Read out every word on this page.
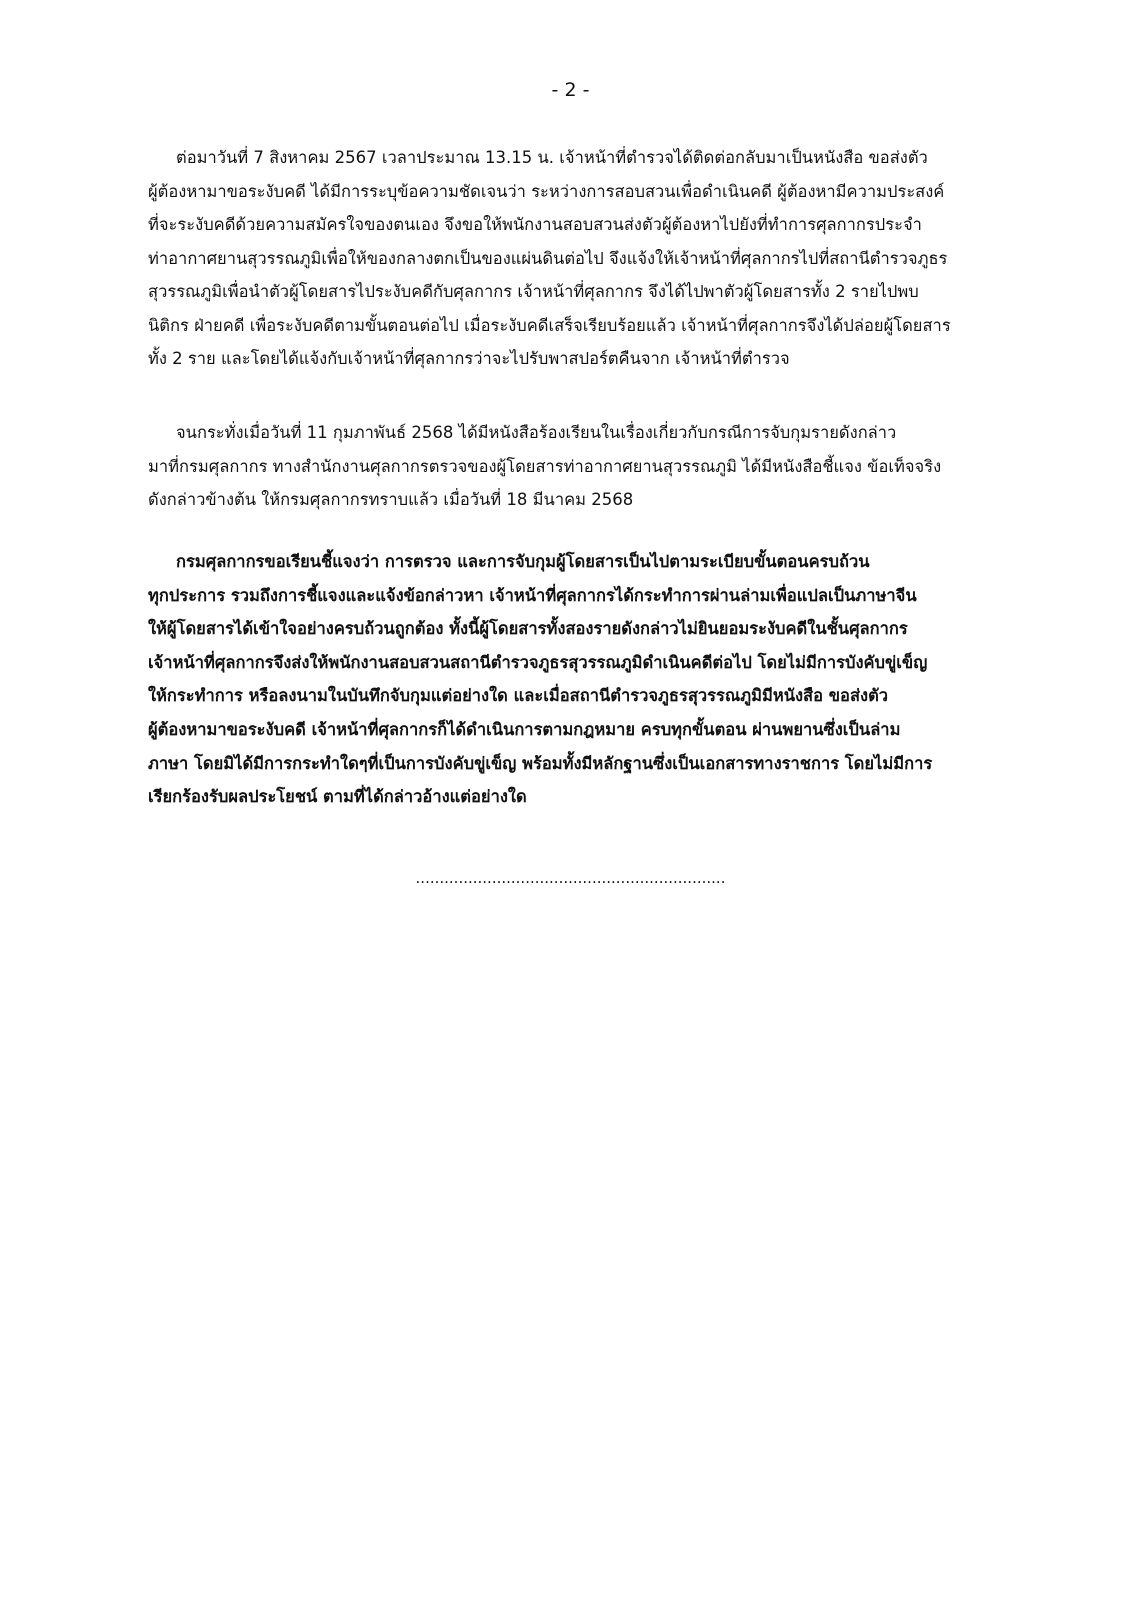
- 2 -
ต่อมาวันที่ 7 สิงหาคม 2567 เวลาประมาณ 13.15 น. เจ้าหน้าที่ตำรวจได้ติดต่อกลับมาเป็นหนังสือ ขอส่งตัว
ผู้ต้องหามาขอระงับคดี ได้มีการระบุข้อความชัดเจนว่า ระหว่างการสอบสวนเพื่อดำเนินคดี ผู้ต้องหามีความประสงค์
ที่จะระงับคดีด้วยความสมัครใจของตนเอง จึงขอให้พนักงานสอบสวนส่งตัวผู้ต้องหาไปยังที่ทำการศุลกากรประจำ
ท่าอากาศยานสุวรรณภูมิเพื่อให้ของกลางตกเป็นของแผ่นดินต่อไป จึงแจ้งให้เจ้าหน้าที่ศุลกากรไปที่สถานีตำรวจภูธร
สุวรรณภูมิเพื่อนำตัวผู้โดยสารไประงับคดีกับศุลกากร เจ้าหน้าที่ศุลกากร จึงได้ไปพาตัวผู้โดยสารทั้ง 2 รายไปพบ
นิติกร ฝ่ายคดี เพื่อระงับคดีตามขั้นตอนต่อไป เมื่อระงับคดีเสร็จเรียบร้อยแล้ว เจ้าหน้าที่ศุลกากรจึงได้ปล่อยผู้โดยสาร
ทั้ง 2 ราย และโดยได้แจ้งกับเจ้าหน้าที่ศุลกากรว่าจะไปรับพาสปอร์ตคืนจาก เจ้าหน้าที่ตำรวจ
จนกระทั่งเมื่อวันที่ 11 กุมภาพันธ์ 2568 ได้มีหนังสือร้องเรียนในเรื่องเกี่ยวกับกรณีการจับกุมรายดังกล่าว
มาที่กรมศุลกากร ทางสำนักงานศุลกากรตรวจของผู้โดยสารท่าอากาศยานสุวรรณภูมิ ได้มีหนังสือชี้แจง ข้อเท็จจริง
ดังกล่าวข้างต้น ให้กรมศุลกากรทราบแล้ว เมื่อวันที่ 18 มีนาคม 2568
กรมศุลกากรขอเรียนชี้แจงว่า การตรวจ และการจับกุมผู้โดยสารเป็นไปตามระเบียบขั้นตอนครบถ้วน
ทุกประการ รวมถึงการชี้แจงและแจ้งข้อกล่าวหา เจ้าหน้าที่ศุลกากรได้กระทำการผ่านล่ามเพื่อแปลเป็นภาษาจีน
ให้ผู้โดยสารได้เข้าใจอย่างครบถ้วนถูกต้อง ทั้งนี้ผู้โดยสารทั้งสองรายดังกล่าวไม่ยินยอมระงับคดีในชั้นศุลกากร
เจ้าหน้าที่ศุลกากรจึงส่งให้พนักงานสอบสวนสถานีตำรวจภูธรสุวรรณภูมิดำเนินคดีต่อไป โดยไม่มีการบังคับขู่เข็ญ
ให้กระทำการ หรือลงนามในบันทึกจับกุมแต่อย่างใด และเมื่อสถานีตำรวจภูธรสุวรรณภูมิมีหนังสือ ขอส่งตัว
ผู้ต้องหามาขอระงับคดี เจ้าหน้าที่ศุลกากรก็ได้ดำเนินการตามกฎหมาย ครบทุกขั้นตอน ผ่านพยานซึ่งเป็นล่าม
ภาษา โดยมิได้มีการกระทำใดๆที่เป็นการบังคับขู่เข็ญ พร้อมทั้งมีหลักฐานซึ่งเป็นเอกสารทางราชการ โดยไม่มีการ
เรียกร้องรับผลประโยชน์ ตามที่ได้กล่าวอ้างแต่อย่างใด
.................................................................
